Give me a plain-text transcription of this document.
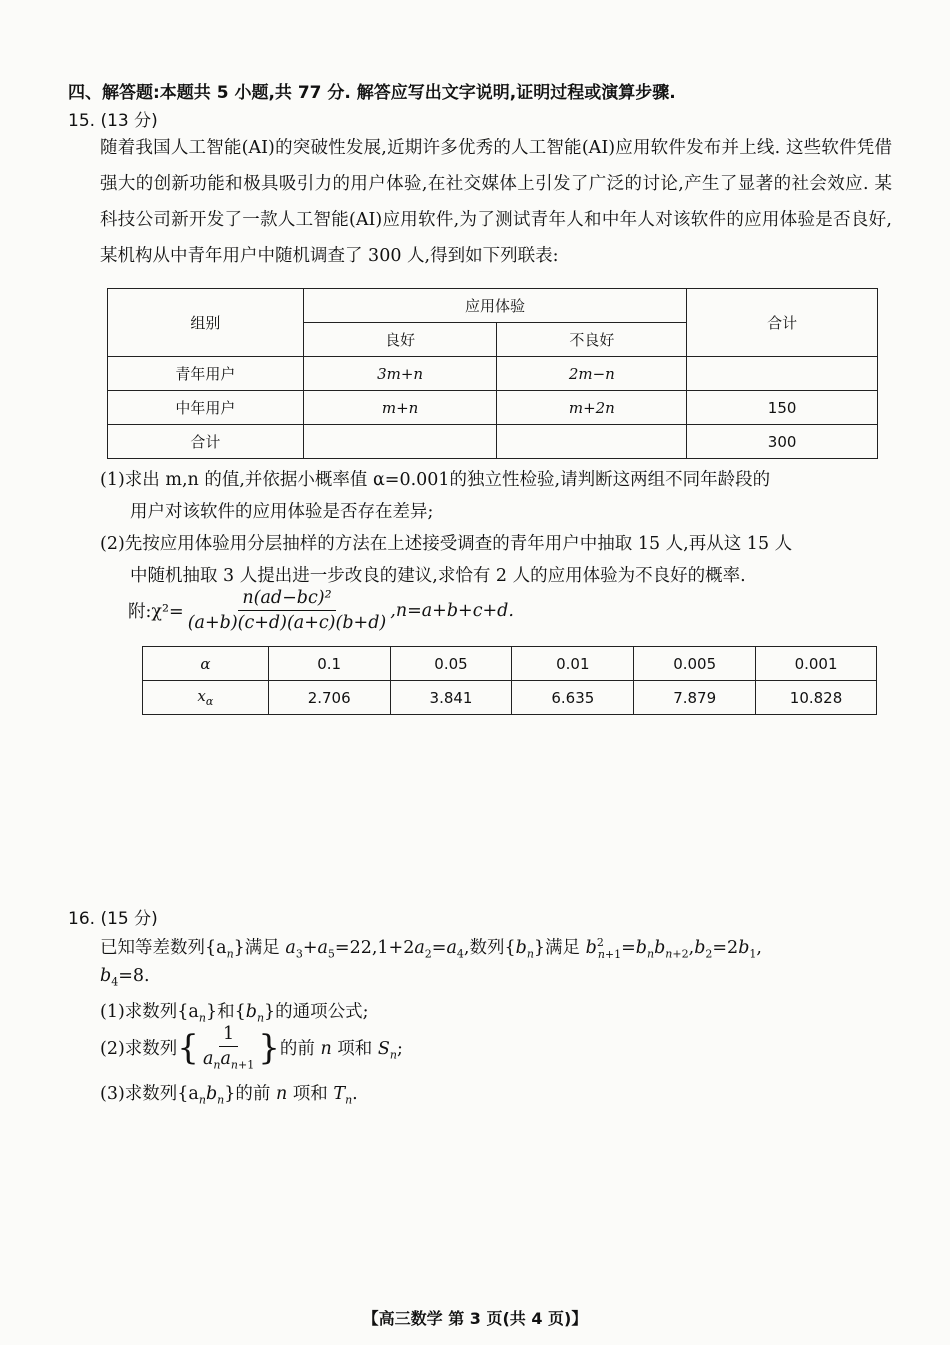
四、解答题:本题共 5 小题,共 77 分. 解答应写出文字说明,证明过程或演算步骤.
15. (13 分)
随着我国人工智能(AI)的突破性发展,近期许多优秀的人工智能(AI)应用软件发布并上线. 这些软件凭借强大的创新功能和极具吸引力的用户体验,在社交媒体上引发了广泛的讨论,产生了显著的社会效应. 某科技公司新开发了一款人工智能(AI)应用软件,为了测试青年人和中年人对该软件的应用体验是否良好,某机构从中青年用户中随机调查了 300 人,得到如下列联表:
组别	应用体验		合计
	良好	不良好	
青年用户	3m+n	2m−n	
中年用户	m+n	m+2n	150
合计			300
(1)求出 m,n 的值,并依据小概率值 α=0.001的独立性检验,请判断这两组不同年龄段的
用户对该软件的应用体验是否存在差异;
(2)先按应用体验用分层抽样的方法在上述接受调查的青年用户中抽取 15 人,再从这 15 人
中随机抽取 3 人提出进一步改良的建议,求恰有 2 人的应用体验为不良好的概率.
附:χ²= $\frac{\text{n(ad−bc)²}}{(a+b)(c+d)(a+c)(b+d)} ,n=a+b+c+d$.
α	0.1	0.05	0.01	0.005	0.001
$x_\alpha$	2.706	3.841	6.635	7.879	10.828
16. (15 分)
已知等差数列$\{a_n\}$满足 $a_3+a_5=22,1+2a_2=a_4$,数列$\{b_n\}$满足 $b^2_{n+1}=b_nb_{n+2},b_2=2b_1$,
$b_4=8$.
(1)求数列$\{a_n\}$和$\{b_n\}$的通项公式;
(2)求数列 { $\frac{1}{a_na_{n+1}}$ } 的前 n 项和 $S_n$;
(3)求数列$\{a_nb_n\}$的前 n 项和 $T_n$.
【高三数学 第 3 页(共 4 页)】
